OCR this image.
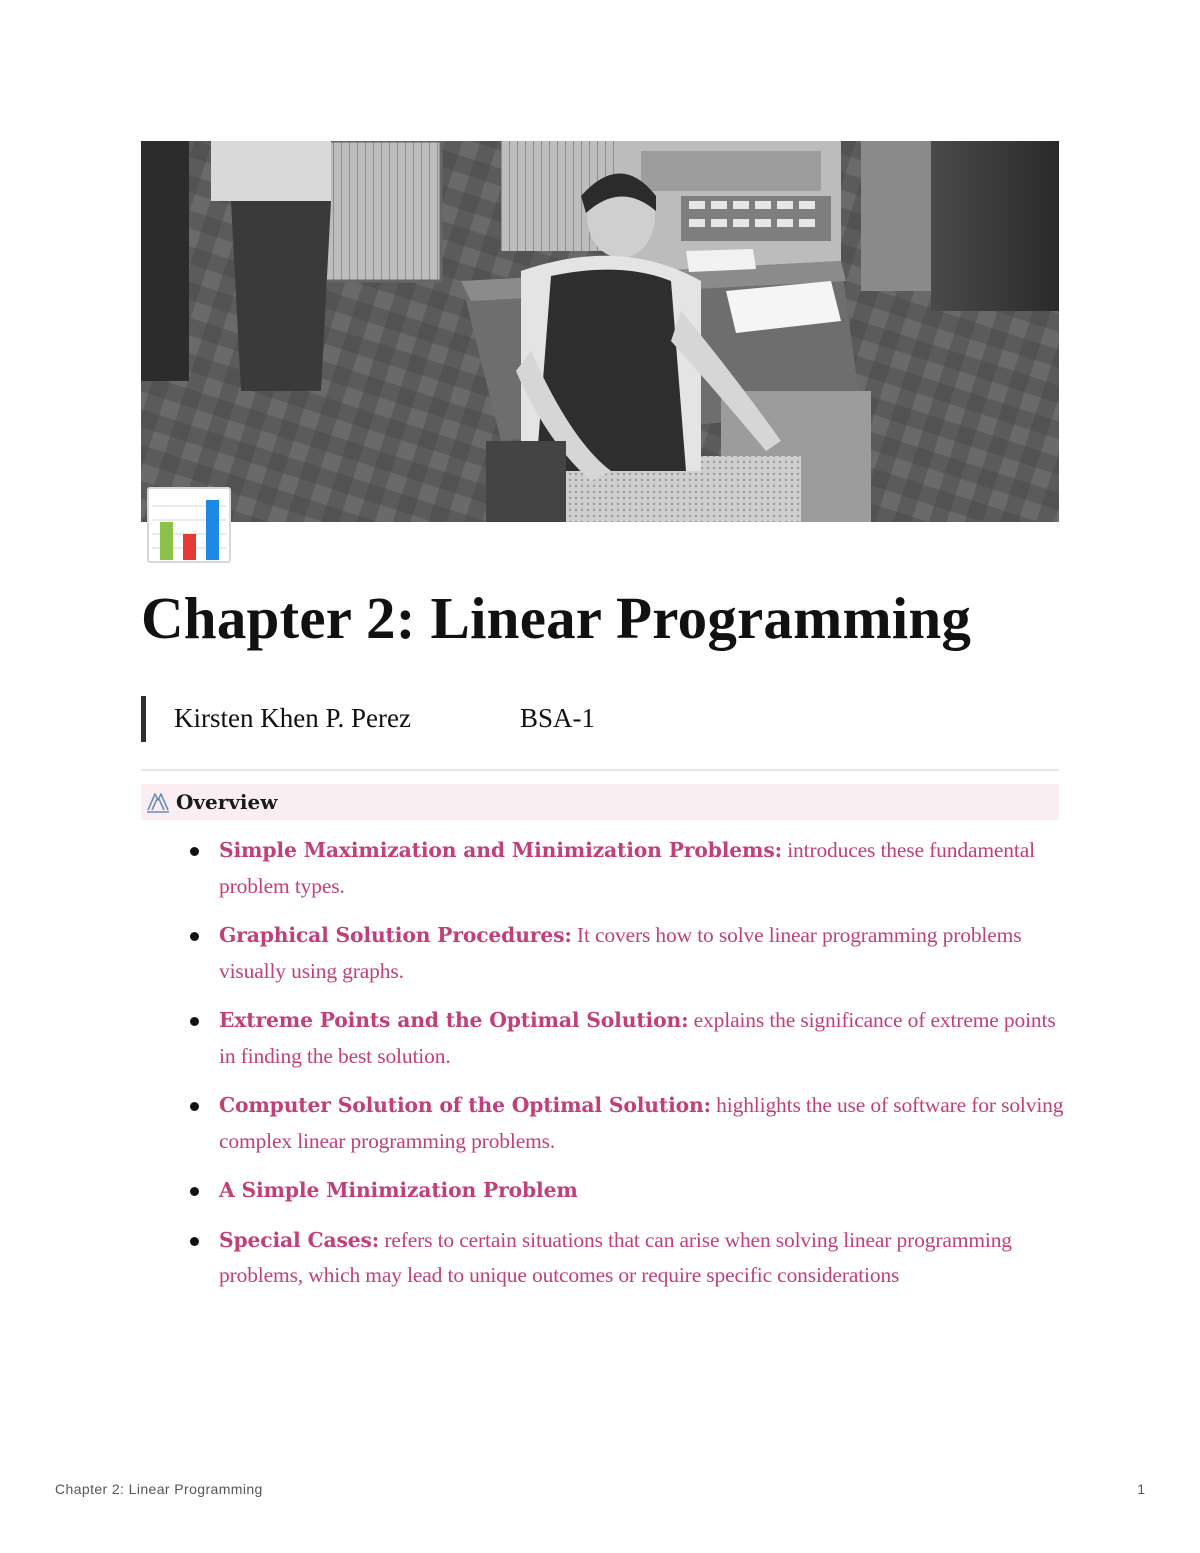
Chapter 2: Linear Programming
Kirsten Khen P. Perez	BSA-1
Overview
Simple Maximization and Minimization Problems: introduces these fundamental problem types.
Graphical Solution Procedures: It covers how to solve linear programming problems visually using graphs.
Extreme Points and the Optimal Solution: explains the significance of extreme points in finding the best solution.
Computer Solution of the Optimal Solution: highlights the use of software for solving complex linear programming problems.
A Simple Minimization Problem
Special Cases: refers to certain situations that can arise when solving linear programming problems, which may lead to unique outcomes or require specific considerations
Chapter 2: Linear Programming	1
